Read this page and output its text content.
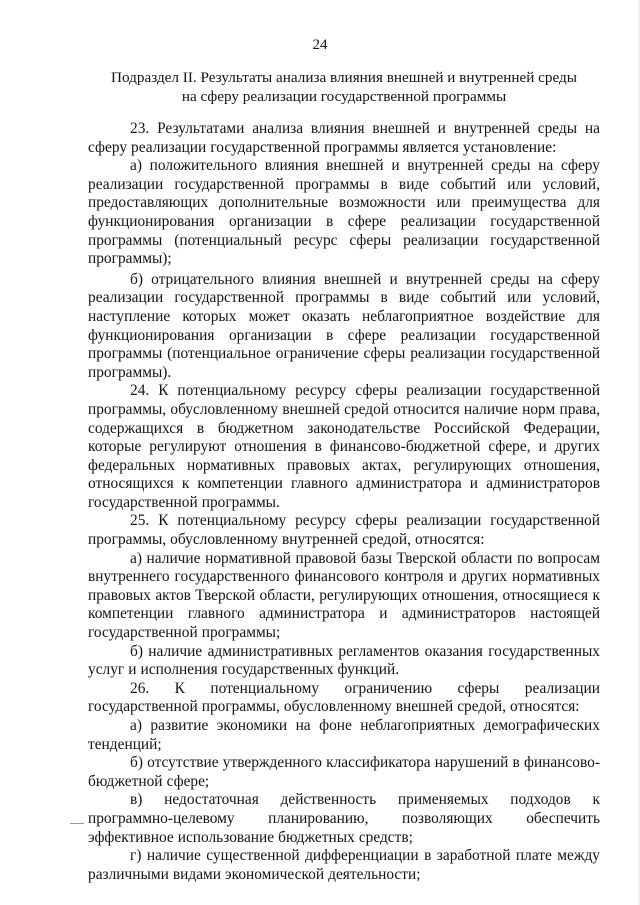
24
Подраздел II. Результаты анализа влияния внешней и внутренней среды
на сферу реализации государственной программы

23. Результатами анализа влияния внешней и внутренней среды на сферу реализации государственной программы является установление:

а) положительного влияния внешней и внутренней среды на сферу реализации государственной программы в виде событий или условий, предоставляющих дополнительные возможности или преимущества для функционирования организации в сфере реализации государственной программы (потенциальный ресурс сферы реализации государственной программы);

б) отрицательного влияния внешней и внутренней среды на сферу реализации государственной программы в виде событий или условий, наступление которых может оказать неблагоприятное воздействие для функционирования организации в сфере реализации государственной программы (потенциальное ограничение сферы реализации государственной программы).

24. К потенциальному ресурсу сферы реализации государственной программы, обусловленному внешней средой относится наличие норм права, содержащихся в бюджетном законодательстве Российской Федерации, которые регулируют отношения в финансово-бюджетной сфере, и других федеральных нормативных правовых актах, регулирующих отношения, относящихся к компетенции главного администратора и администраторов государственной программы.

25. К потенциальному ресурсу сферы реализации государственной программы, обусловленному внутренней средой, относятся:

а) наличие нормативной правовой базы Тверской области по вопросам внутреннего государственного финансового контроля и других нормативных правовых актов Тверской области, регулирующих отношения, относящиеся к компетенции главного администратора и администраторов настоящей государственной программы;

б) наличие административных регламентов оказания государственных услуг и исполнения государственных функций.

26. К потенциальному ограничению сферы реализации государственной программы, обусловленному внешней средой, относятся:

а) развитие экономики на фоне неблагоприятных демографических тенденций;

б) отсутствие утвержденного классификатора нарушений в финансово-бюджетной сфере;

в) недостаточная действенность применяемых подходов к программно-целевому планированию, позволяющих обеспечить эффективное использование бюджетных средств;

г) наличие существенной дифференциации в заработной плате между различными видами экономической деятельности;
